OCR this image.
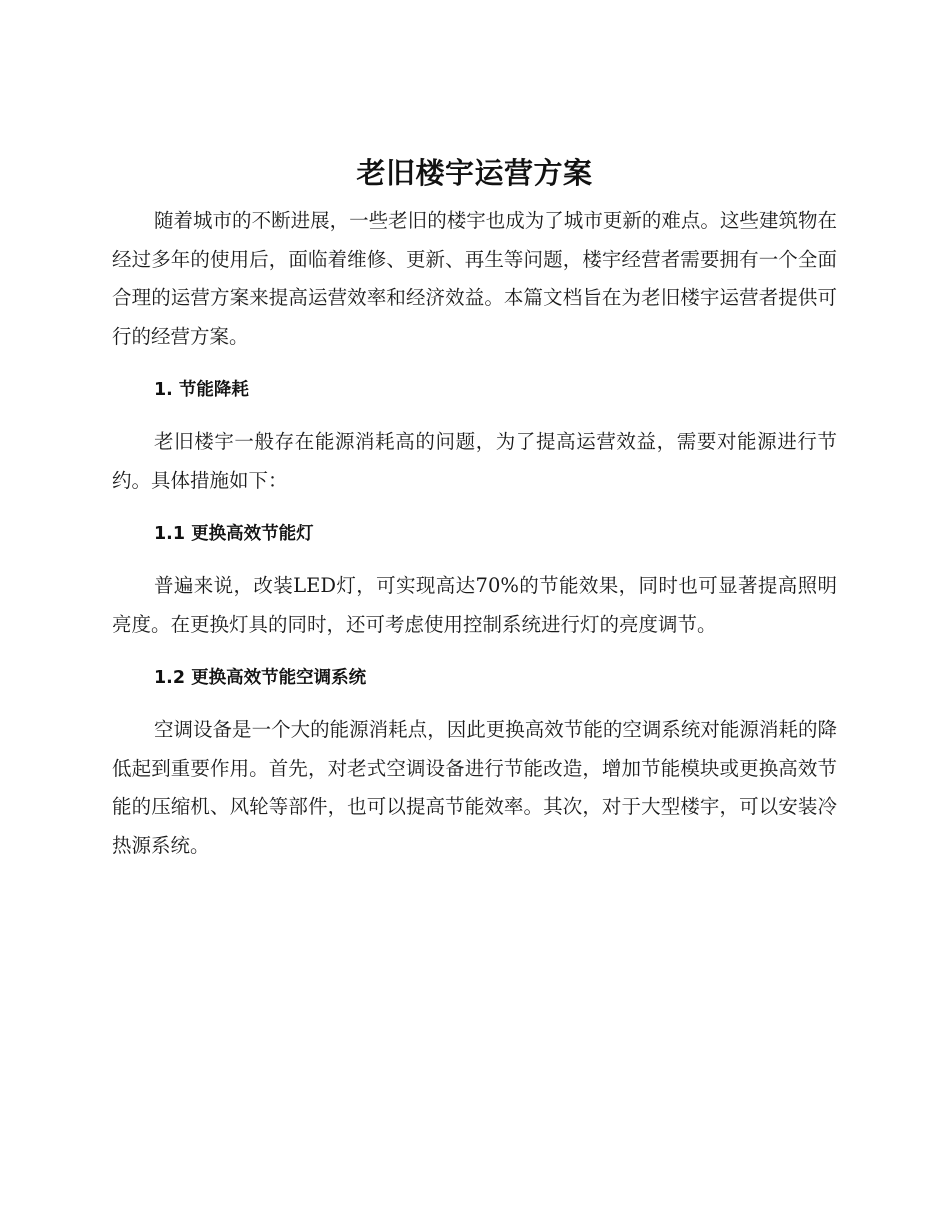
老旧楼宇运营方案

随着城市的不断进展，一些老旧的楼宇也成为了城市更新的难点。这些建筑物在经过多年的使用后，面临着维修、更新、再生等问题，楼宇经营者需要拥有一个全面合理的运营方案来提高运营效率和经济效益。本篇文档旨在为老旧楼宇运营者提供可行的经营方案。

1. 节能降耗

老旧楼宇一般存在能源消耗高的问题，为了提高运营效益，需要对能源进行节约。具体措施如下：

1.1 更换高效节能灯

普遍来说，改装LED灯，可实现高达70%的节能效果，同时也可显著提高照明亮度。在更换灯具的同时，还可考虑使用控制系统进行灯的亮度调节。

1.2 更换高效节能空调系统

空调设备是一个大的能源消耗点，因此更换高效节能的空调系统对能源消耗的降低起到重要作用。首先，对老式空调设备进行节能改造，增加节能模块或更换高效节能的压缩机、风轮等部件，也可以提高节能效率。其次，对于大型楼宇，可以安装冷热源系统。
